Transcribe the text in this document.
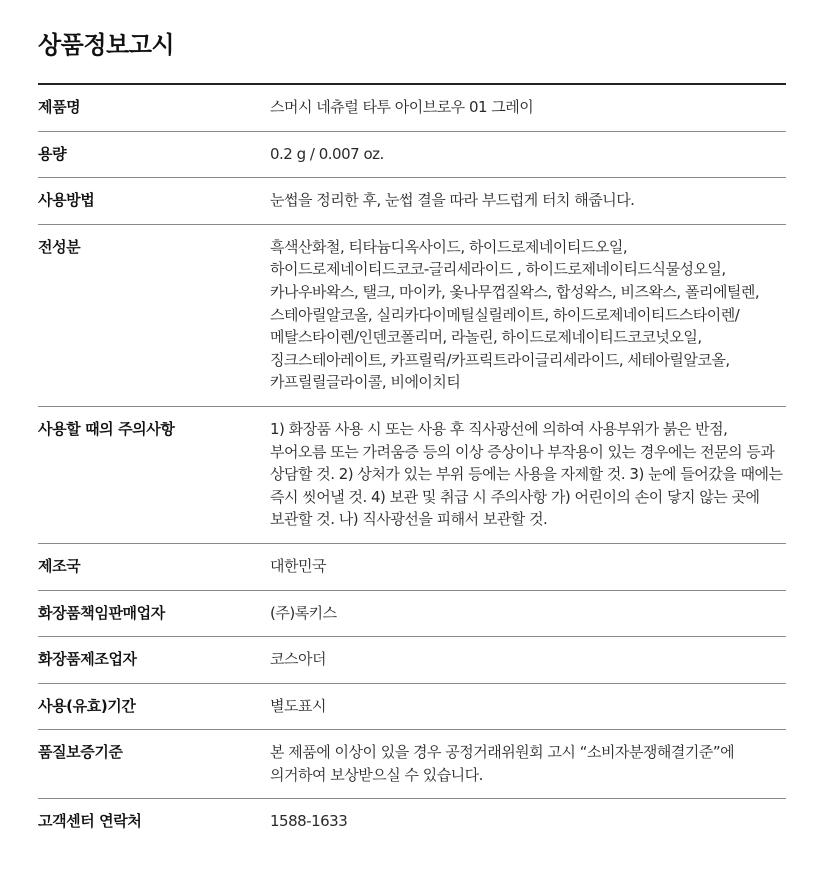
상품정보고시
제품명	스머시 네츄럴 타투 아이브로우 01 그레이
용량	0.2 g / 0.007 oz.
사용방법	눈썹을 정리한 후, 눈썹 결을 따라 부드럽게 터치 해줍니다.
전성분	흑색산화철, 티타늄디옥사이드, 하이드로제네이티드오일, 하이드로제네이티드코코-글리세라이드 , 하이드로제네이티드식물성오일, 카나우바왁스, 탤크, 마이카, 옻나무껍질왁스, 합성왁스, 비즈왁스, 폴리에틸렌, 스테아릴알코올, 실리카다이메틸실릴레이트, 하이드로제네이티드스타이렌/메탈스타이렌/인덴코폴리머, 라놀린, 하이드로제네이티드코코넛오일, 징크스테아레이트, 카프릴릭/카프릭트라이글리세라이드, 세테아릴알코올, 카프릴릴글라이콜, 비에이치티
사용할 때의 주의사항	1) 화장품 사용 시 또는 사용 후 직사광선에 의하여 사용부위가 붉은 반점, 부어오름 또는 가려움증 등의 이상 증상이나 부작용이 있는 경우에는 전문의 등과 상담할 것. 2) 상처가 있는 부위 등에는 사용을 자제할 것. 3) 눈에 들어갔을 때에는 즉시 씻어낼 것. 4) 보관 및 취급 시 주의사항 가) 어린이의 손이 닿지 않는 곳에 보관할 것. 나) 직사광선을 피해서 보관할 것.
제조국	대한민국
화장품책임판매업자	(주)록키스
화장품제조업자	코스아더
사용(유효)기간	별도표시
품질보증기준	본 제품에 이상이 있을 경우 공정거래위원회 고시 “소비자분쟁해결기준”에 의거하여 보상받으실 수 있습니다.
고객센터 연락처	1588-1633
